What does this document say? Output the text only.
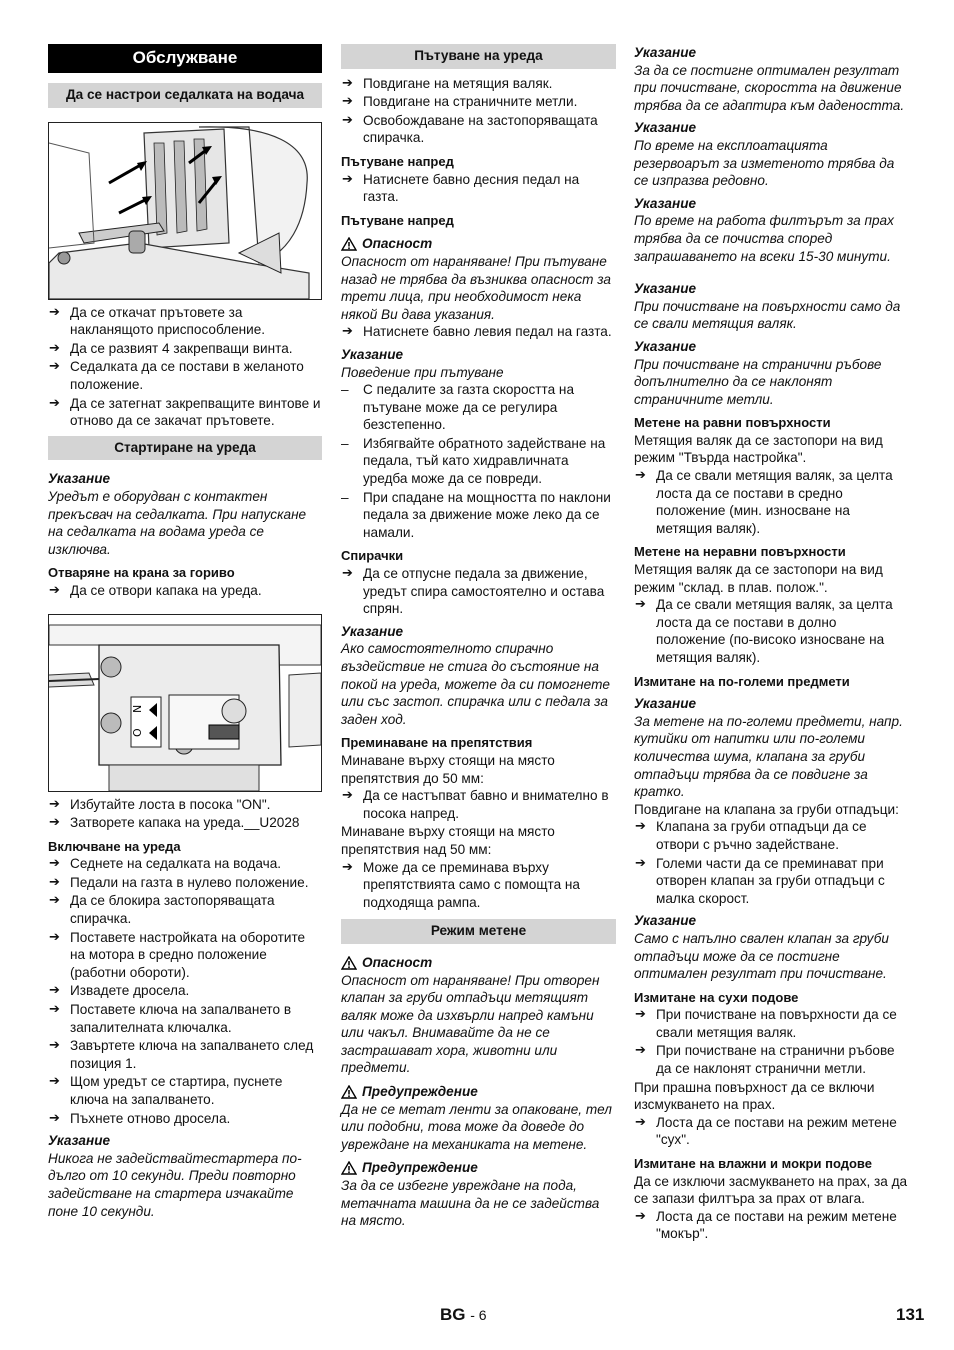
Обслужване
Да се настрои седалката на водача
➔ Да се откачат прътовете за накланящото приспособление.
➔ Да се развият 4 закрепващи винта.
➔ Седалката да се постави в желаното положение.
➔ Да се затегнат закрепващите винтове и отново да се закачат прътовете.
Стартиране на уреда
Указание
Уредът е оборудван с контактен прекъсвач на седалката. При напускане на седалката на водама уреда се изключва.
Отваряне на крана за гориво
➔ Да се отвори капака на уреда.
N
O
➔ Избутайте лоста в посока "ON".
➔ Затворете капака на уреда.__U2028
Включване на уреда
➔ Седнете на седалката на водача.
➔ Педали на газта в нулево положение.
➔ Да се блокира застопоряващата спирачка.
➔ Поставете настройката на оборотите на мотора в средно положение (работни обороти).
➔ Извадете дросела.
➔ Поставете ключа на запалването в запалителната ключалка.
➔ Завъртете ключа на запалването след позиция 1.
➔ Щом уредът се стартира, пуснете ключа на запалването.
➔ Пъхнете отново дросела.
Указание
Никога не задействайтестартера по-дълго от 10 секунди. Преди повторно задействане на стартера изчакайте поне 10 секунди.
Пътуване на уреда
➔ Повдигане на метящия валяк.
➔ Повдигане на страничните метли.
➔ Освобождаване на застопоряващата спирачка.
Пътуване напред
➔ Натиснете бавно десния педал на газта.
Пътуване напред
Опасност
Опасност от нараняване! При пътуване назад не трябва да възниква опасност за трети лица, при необходимост нека някой Ви дава указания.
➔ Натиснете бавно левия педал на газта.
Указание
Поведение при пътуване
– С педалите за газта скоростта на пътуване може да се регулира безстепенно.
– Избягвайте обратното задействане на педала, тъй като хидравличната уредба може да се повреди.
– При спадане на мощността по наклони педала за движение може леко да се намали.
Спирачки
➔ Да се отпусне педала за движение, уредът спира самостоятелно и остава спрян.
Указание
Ако самостоятелното спирачно въздействие не стига до състояние на покой на уреда, можете да си помогнете или със застоп. спирачка или с педала за заден ход.
Преминаване на препятствия
Минаване върху стоящи на място препятствия до 50 мм:
➔ Да се настъпват бавно и внимателно в посока напред.
Минаване върху стоящи на място препятствия над 50 мм:
➔ Може да се преминава върху препятствията само с помощта на подходяща рампа.
Режим метене
Опасност
Опасност от нараняване! При отворен клапан за груби отпадъци метящият валяк може да изхвърли напред камъни или чакъл. Внимавайте да не се застрашават хора, животни или предмети.
Предупреждение
Да не се метат ленти за опаковане, тел или подобни, това може да доведе до увреждане на механиката на метене.
Предупреждение
За да се избегне увреждане на пода, метачната машина да не се задейства на място.
Указание
За да се постигне оптимален резултат при почистване, скоростта на движение трябва да се адаптира към дадеността.
Указание
По време на експлоатацията резервоарът за изметеното трябва да се изпразва редовно.
Указание
По време на работа филтърът за прах трябва да се почиства според запрашаването на всеки 15-30 минути.
Указание
При почистване на повърхности само да се свали метящия валяк.
Указание
При почистване на странични ръбове допълнително да се наклонят страничните метли.
Метене на равни повърхности
Метящия валяк да се застопори на вид режим "Твърда настройка".
➔ Да се свали метящия валяк, за целта лоста да се постави в средно положение (мин. износване на метящия валяк).
Метене на неравни повърхности
Метящия валяк да се застопори на вид режим "склад. в плав. полож.".
➔ Да се свали метящия валяк, за целта лоста да се постави в долно положение (по-високо износване на метящия валяк).
Измитане на по-големи предмети
Указание
За метене на по-големи предмети, напр. кутийки от напитки или по-големи количества шума, клапана за груби отпадъци трябва да се повдигне за кратко.
Повдигане на клапана за груби отпадъци:
➔ Клапана за груби отпадъци да се отвори с ръчно задействане.
➔ Големи части да се преминават при отворен клапан за груби отпадъци с малка скорост.
Указание
Само с напълно свален клапан за груби отпадъци може да се постигне оптимален резултат при почистване.
Измитане на сухи подове
➔ При почистване на повърхности да се свали метящия валяк.
➔ При почистване на странични ръбове да се наклонят странични метли.
При прашна повърхност да се включи изсмукването на прах.
➔ Лоста да се постави на режим метене "сух".
Измитане на влажни и мокри подове
Да се изключи засмукването на прах, за да се запази филтъра за прах от влага.
➔ Лоста да се постави на режим метене "мокър".
BG - 6	131
